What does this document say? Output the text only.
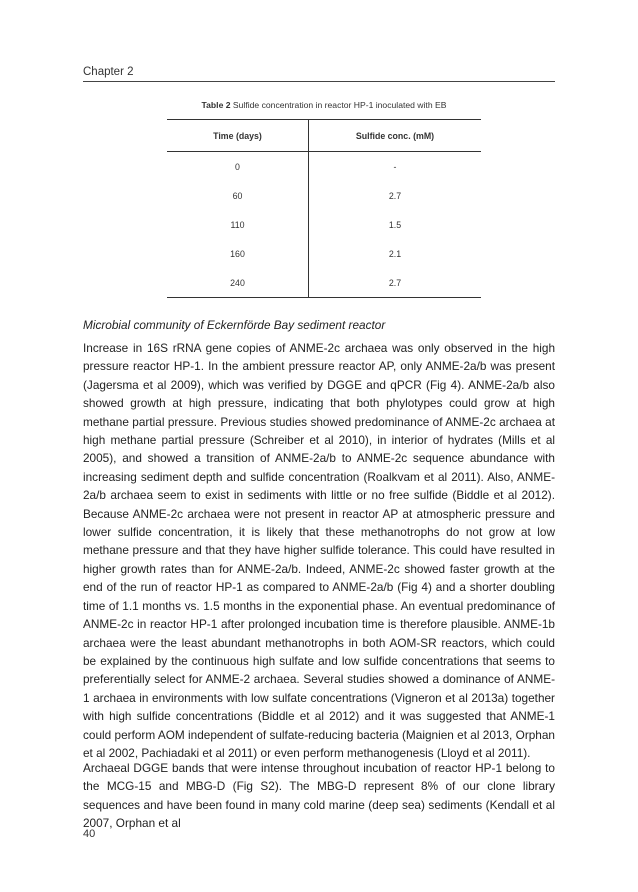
Chapter 2
Table 2 Sulfide concentration in reactor HP-1 inoculated with EB
Time (days)	Sulfide conc. (mM)
0	-
60	2.7
110	1.5
160	2.1
240	2.7
Microbial community of Eckernförde Bay sediment reactor

Increase in 16S rRNA gene copies of ANME-2c archaea was only observed in the high pressure reactor HP-1. In the ambient pressure reactor AP, only ANME-2a/b was present (Jagersma et al 2009), which was verified by DGGE and qPCR (Fig 4). ANME-2a/b also showed growth at high pressure, indicating that both phylotypes could grow at high methane partial pressure. Previous studies showed predominance of ANME-2c archaea at high methane partial pressure (Schreiber et al 2010), in interior of hydrates (Mills et al 2005), and showed a transition of ANME-2a/b to ANME-2c sequence abundance with increasing sediment depth and sulfide concentration (Roalkvam et al 2011). Also, ANME-2a/b archaea seem to exist in sediments with little or no free sulfide (Biddle et al 2012). Because ANME-2c archaea were not present in reactor AP at atmospheric pressure and lower sulfide concentration, it is likely that these methanotrophs do not grow at low methane pressure and that they have higher sulfide tolerance. This could have resulted in higher growth rates than for ANME-2a/b. Indeed, ANME-2c showed faster growth at the end of the run of reactor HP-1 as compared to ANME-2a/b (Fig 4) and a shorter doubling time of 1.1 months vs. 1.5 months in the exponential phase. An eventual predominance of ANME-2c in reactor HP-1 after prolonged incubation time is therefore plausible. ANME-1b archaea were the least abundant methanotrophs in both AOM-SR reactors, which could be explained by the continuous high sulfate and low sulfide concentrations that seems to preferentially select for ANME-2 archaea. Several studies showed a dominance of ANME-1 archaea in environments with low sulfate concentrations (Vigneron et al 2013a) together with high sulfide concentrations (Biddle et al 2012) and it was suggested that ANME-1 could perform AOM independent of sulfate-reducing bacteria (Maignien et al 2013, Orphan et al 2002, Pachiadaki et al 2011) or even perform methanogenesis (Lloyd et al 2011).

Archaeal DGGE bands that were intense throughout incubation of reactor HP-1 belong to the MCG-15 and MBG-D (Fig S2). The MBG-D represent 8% of our clone library sequences and have been found in many cold marine (deep sea) sediments (Kendall et al 2007, Orphan et al

40
